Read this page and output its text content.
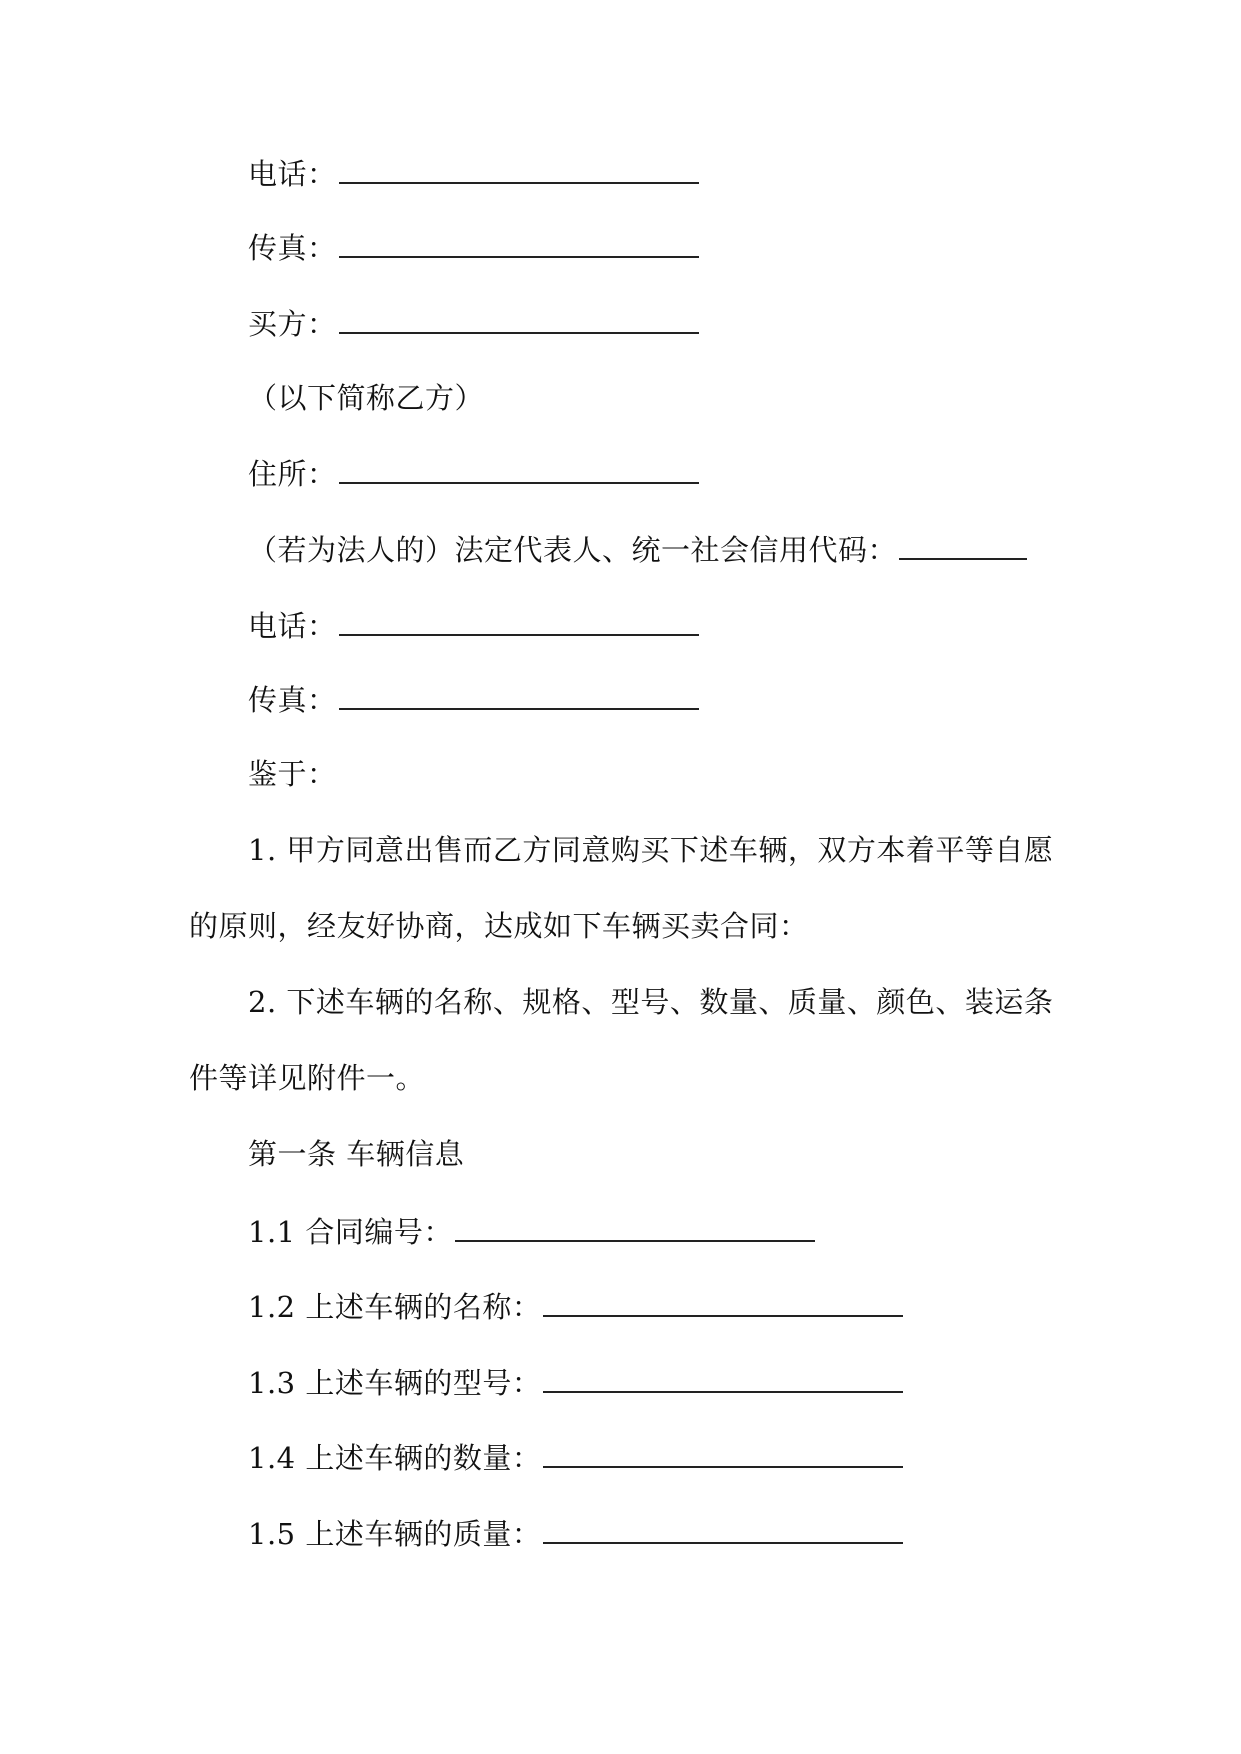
电话：
传真：
买方：
（以下简称乙方）
住所：
（若为法人的）法定代表人、统一社会信用代码：
电话：
传真：
鉴于：
1. 甲方同意出售而乙方同意购买下述车辆，双方本着平等自愿
的原则，经友好协商，达成如下车辆买卖合同：
2. 下述车辆的名称、规格、型号、数量、质量、颜色、装运条
件等详见附件一。
第一条 车辆信息
1.1 合同编号：
1.2 上述车辆的名称：
1.3 上述车辆的型号：
1.4 上述车辆的数量：
1.5 上述车辆的质量：
